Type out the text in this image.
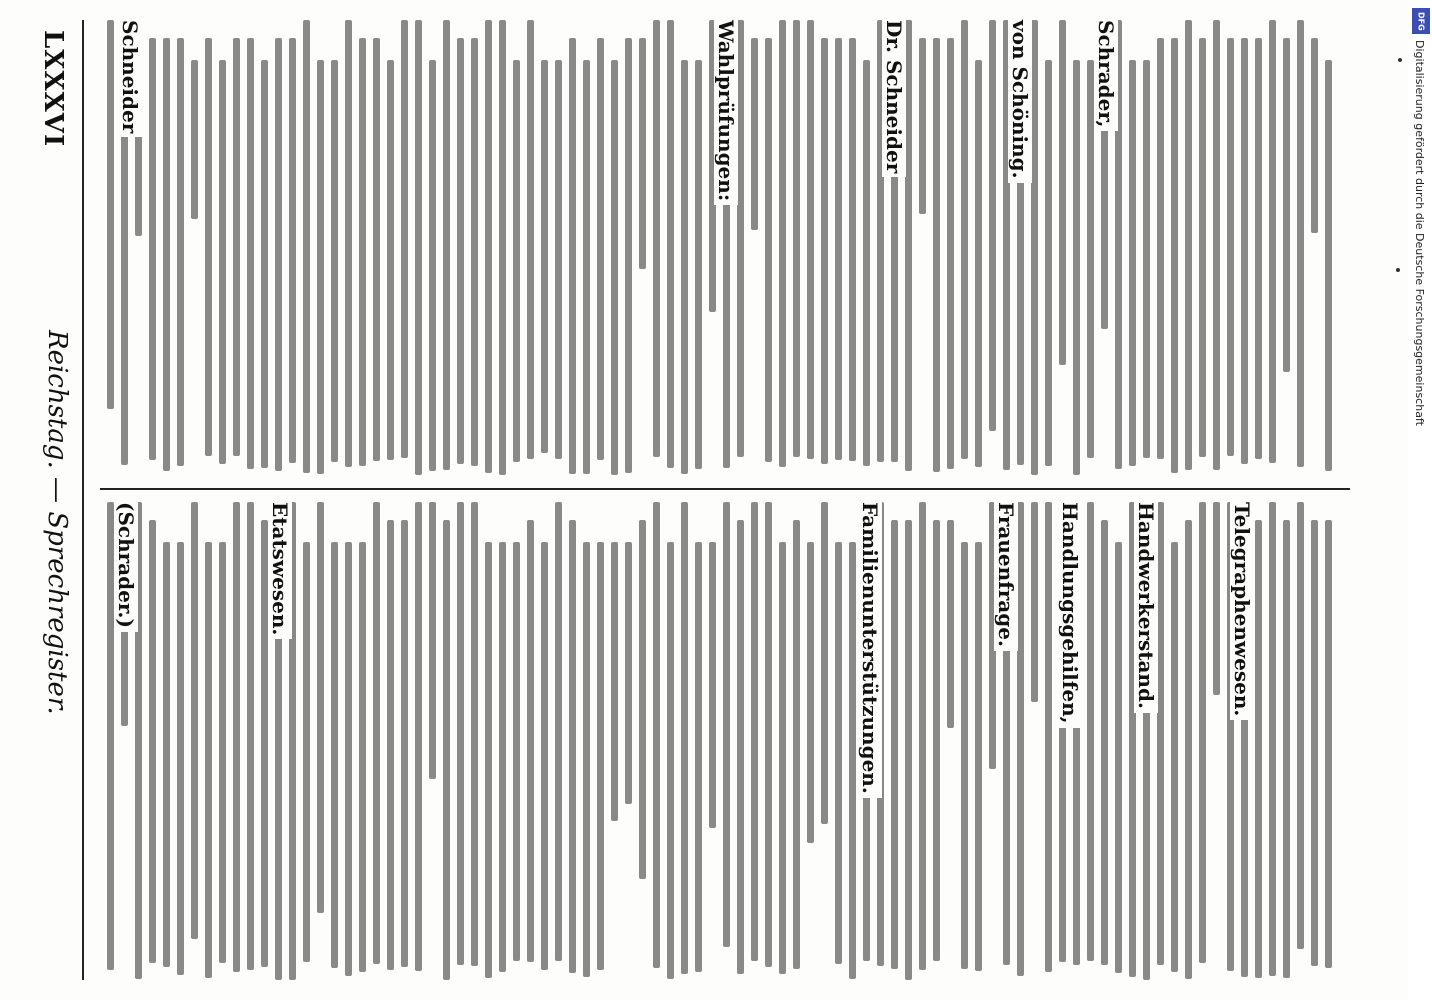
LXXXVI
Reichstag. — Sprechregister.
Schneider	Wahlprüfungen:	Dr. Schneider	von Schöning.	Schrader,
(Schrader.)	Etatswesen.	Familienunterstützungen.	Frauenfrage. Handlungsgehilfen,	Handwerkerstand.	Telegraphenwesen.
DFG
Digitalisierung gefördert durch die Deutsche Forschungsgemeinschaft
